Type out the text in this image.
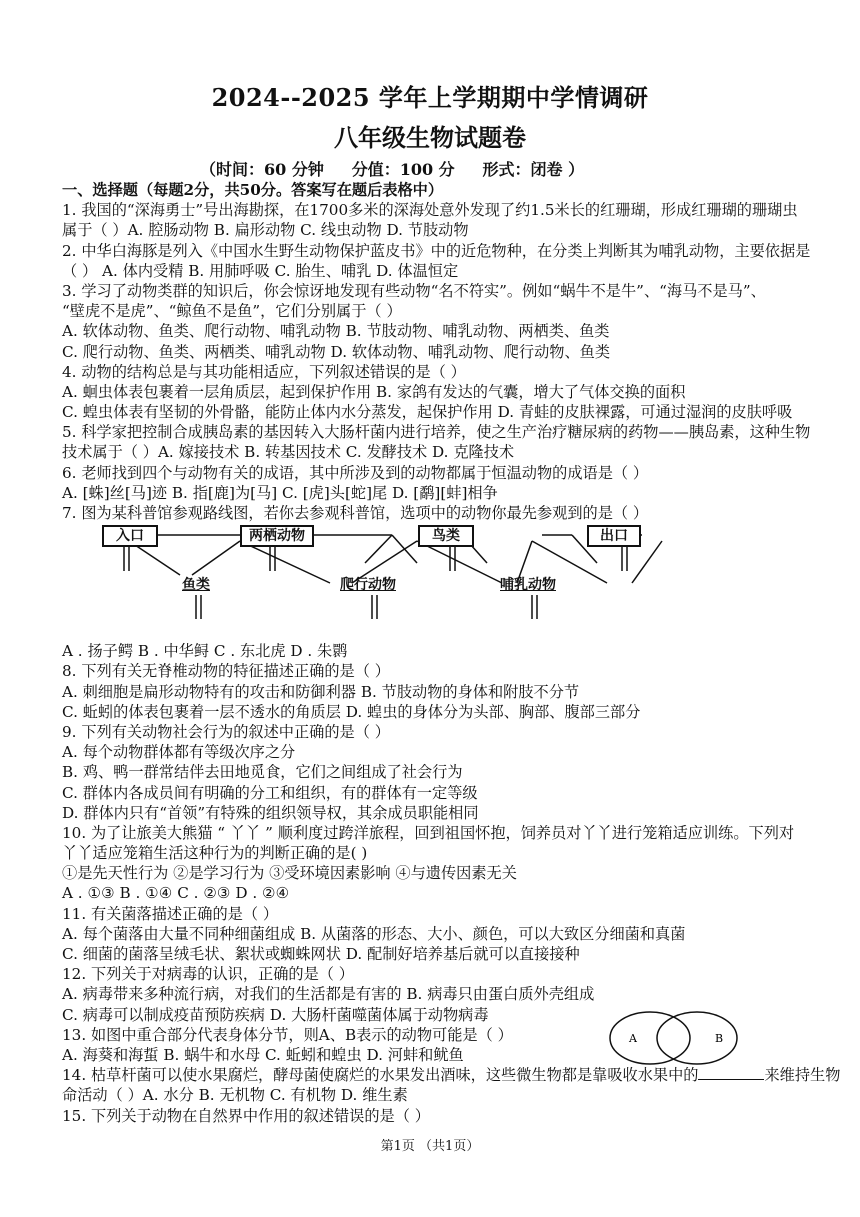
2024--2025 学年上学期期中学情调研
八年级生物试题卷
（时间：60 分钟     分值：100 分     形式：闭卷 ）
一、选择题（每题2分，共50分。答案写在题后表格中）
1. 我国的“深海勇士”号出海勘探，在1700多米的深海处意外发现了约1.5米长的红珊瑚，形成红珊瑚的珊瑚虫
属于（ ）A. 腔肠动物 B. 扁形动物 C. 线虫动物 D. 节肢动物
2. 中华白海豚是列入《中国水生野生动物保护蓝皮书》中的近危物种，在分类上判断其为哺乳动物，主要依据是
（ ） A. 体内受精 B. 用肺呼吸 C. 胎生、哺乳 D. 体温恒定
3. 学习了动物类群的知识后，你会惊讶地发现有些动物“名不符实”。例如“蜗牛不是牛”、“海马不是马”、
“壁虎不是虎”、“鲸鱼不是鱼”，它们分别属于（ ）
A. 软体动物、鱼类、爬行动物、哺乳动物 B. 节肢动物、哺乳动物、两栖类、鱼类
C. 爬行动物、鱼类、两栖类、哺乳动物 D. 软体动物、哺乳动物、爬行动物、鱼类
4. 动物的结构总是与其功能相适应，下列叙述错误的是（ ）
A. 蛔虫体表包裹着一层角质层，起到保护作用 B. 家鸽有发达的气囊，增大了气体交换的面积
C. 蝗虫体表有坚韧的外骨骼，能防止体内水分蒸发，起保护作用 D. 青蛙的皮肤裸露，可通过湿润的皮肤呼吸
5. 科学家把控制合成胰岛素的基因转入大肠杆菌内进行培养，使之生产治疗糖尿病的药物——胰岛素，这种生物
技术属于（ ）A. 嫁接技术 B. 转基因技术 C. 发酵技术 D. 克隆技术
6. 老师找到四个与动物有关的成语，其中所涉及到的动物都属于恒温动物的成语是（ ）
A. [蛛]丝[马]迹 B. 指[鹿]为[马] C. [虎]头[蛇]尾 D. [鹬][蚌]相争
7. 图为某科普馆参观路线图，若你去参观科普馆，选项中的动物你最先参观到的是（ ）
入口	两栖动物	鸟类	出口
鱼类	爬行动物	哺乳动物
A . 扬子鳄 B . 中华鲟 C . 东北虎 D . 朱鹮
8. 下列有关无脊椎动物的特征描述正确的是（ ）
A. 刺细胞是扁形动物特有的攻击和防御利器 B. 节肢动物的身体和附肢不分节
C. 蚯蚓的体表包裹着一层不透水的角质层 D. 蝗虫的身体分为头部、胸部、腹部三部分
9. 下列有关动物社会行为的叙述中正确的是（ ）
A. 每个动物群体都有等级次序之分
B. 鸡、鸭一群常结伴去田地觅食，它们之间组成了社会行为
C. 群体内各成员间有明确的分工和组织，有的群体有一定等级
D. 群体内只有“首领”有特殊的组织领导权，其余成员职能相同
10. 为了让旅美大熊猫 “ 丫丫 ” 顺利度过跨洋旅程，回到祖国怀抱，饲养员对丫丫进行笼箱适应训练。下列对
丫丫适应笼箱生活这种行为的判断正确的是( )
①是先天性行为 ②是学习行为 ③受环境因素影响 ④与遗传因素无关
A . ①③ B . ①④ C . ②③ D . ②④
11. 有关菌落描述正确的是（ ）
A. 每个菌落由大量不同种细菌组成 B. 从菌落的形态、大小、颜色，可以大致区分细菌和真菌
C. 细菌的菌落呈绒毛状、絮状或蜘蛛网状 D. 配制好培养基后就可以直接接种
12. 下列关于对病毒的认识，正确的是（ ）
A. 病毒带来多种流行病，对我们的生活都是有害的 B. 病毒只由蛋白质外壳组成
C. 病毒可以制成疫苗预防疾病 D. 大肠杆菌噬菌体属于动物病毒
13. 如图中重合部分代表身体分节，则A、B表示的动物可能是（ ）
A. 海葵和海蜇 B. 蜗牛和水母 C. 蚯蚓和蝗虫 D. 河蚌和鱿鱼
14. 枯草杆菌可以使水果腐烂，酵母菌使腐烂的水果发出酒味，这些微生物都是靠吸收水果中的	来维持生物
命活动（ ）A. 水分 B. 无机物 C. 有机物 D. 维生素
15. 下列关于动物在自然界中作用的叙述错误的是（ ）
A	B
第1页 （共1页）
